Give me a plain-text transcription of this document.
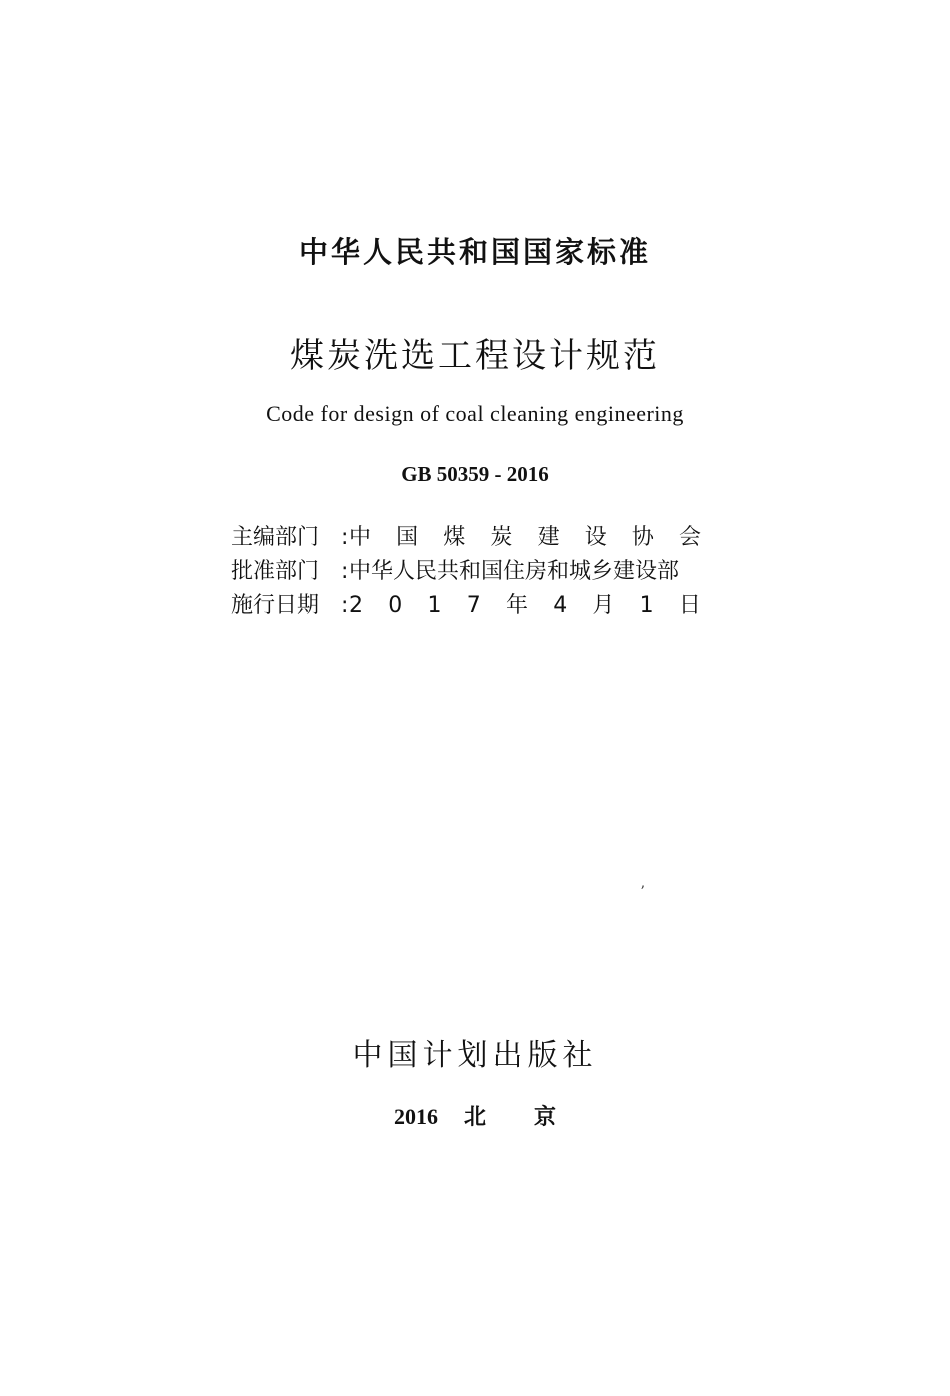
中华人民共和国国家标准
煤炭洗选工程设计规范
Code for design of coal cleaning engineering
GB 50359 - 2016
主编部门 : 中 国 煤 炭 建 设 协 会
批准部门 : 中华人民共和国住房和城乡建设部
施行日期 : 2 0 1 7 年 4 月 1 日
ʼ
中国计划出版社
2016 北京
